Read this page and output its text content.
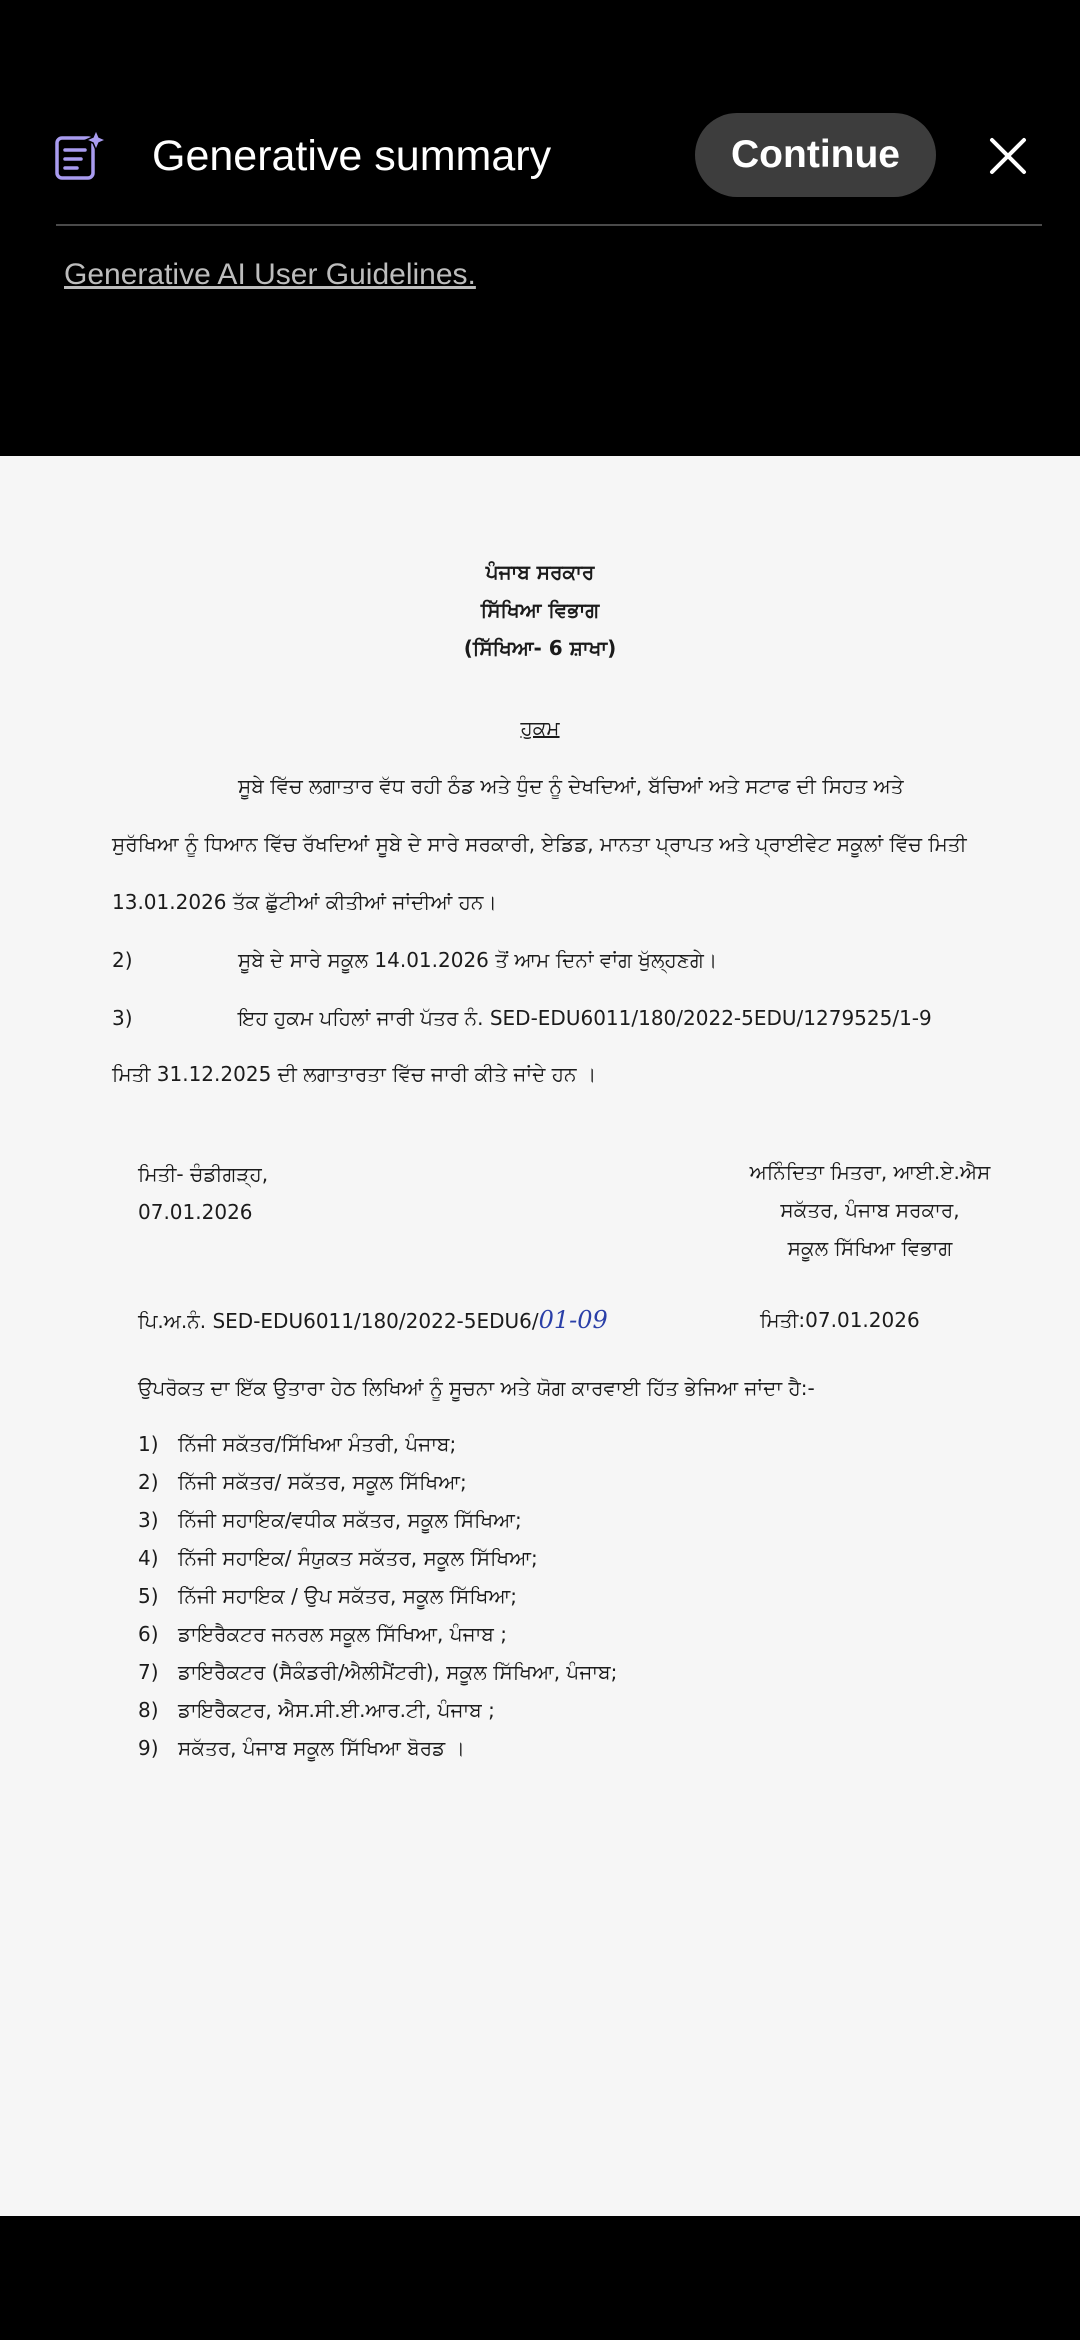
Generative summary	Continue
Generative AI User Guidelines.
ਪੰਜਾਬ ਸਰਕਾਰ
ਸਿੱਖਿਆ ਵਿਭਾਗ
(ਸਿੱਖਿਆ- 6 ਸ਼ਾਖਾ)
ਹੁਕਮ
ਸੂਬੇ ਵਿੱਚ ਲਗਾਤਾਰ ਵੱਧ ਰਹੀ ਠੰਡ ਅਤੇ ਧੁੰਦ ਨੂੰ ਦੇਖਦਿਆਂ, ਬੱਚਿਆਂ ਅਤੇ ਸਟਾਫ ਦੀ ਸਿਹਤ ਅਤੇ
ਸੁਰੱਖਿਆ ਨੂੰ ਧਿਆਨ ਵਿੱਚ ਰੱਖਦਿਆਂ ਸੂਬੇ ਦੇ ਸਾਰੇ ਸਰਕਾਰੀ, ਏਡਿਡ, ਮਾਨਤਾ ਪ੍ਰਾਪਤ ਅਤੇ ਪ੍ਰਾਈਵੇਟ ਸਕੂਲਾਂ ਵਿੱਚ ਮਿਤੀ
13.01.2026 ਤੱਕ ਛੁੱਟੀਆਂ ਕੀਤੀਆਂ ਜਾਂਦੀਆਂ ਹਨ।
2)	ਸੂਬੇ ਦੇ ਸਾਰੇ ਸਕੂਲ 14.01.2026 ਤੋਂ ਆਮ ਦਿਨਾਂ ਵਾਂਗ ਖੁੱਲ੍ਹਣਗੇ।
3)	ਇਹ ਹੁਕਮ ਪਹਿਲਾਂ ਜਾਰੀ ਪੱਤਰ ਨੰ. SED-EDU6011/180/2022-5EDU/1279525/1-9
ਮਿਤੀ 31.12.2025 ਦੀ ਲਗਾਤਾਰਤਾ ਵਿੱਚ ਜਾਰੀ ਕੀਤੇ ਜਾਂਦੇ ਹਨ ।
ਮਿਤੀ- ਚੰਡੀਗੜ੍ਹ,
07.01.2026
ਅਨਿੰਦਿਤਾ ਮਿਤਰਾ, ਆਈ.ਏ.ਐਸ
ਸਕੱਤਰ, ਪੰਜਾਬ ਸਰਕਾਰ,
ਸਕੂਲ ਸਿੱਖਿਆ ਵਿਭਾਗ
ਪਿ.ਅ.ਨੰ. SED-EDU6011/180/2022-5EDU6/01-09	ਮਿਤੀ:07.01.2026
ਉਪਰੋਕਤ ਦਾ ਇੱਕ ਉਤਾਰਾ ਹੇਠ ਲਿਖਿਆਂ ਨੂੰ ਸੂਚਨਾ ਅਤੇ ਯੋਗ ਕਾਰਵਾਈ ਹਿੱਤ ਭੇਜਿਆ ਜਾਂਦਾ ਹੈ:-
1) ਨਿੱਜੀ ਸਕੱਤਰ/ਸਿੱਖਿਆ ਮੰਤਰੀ, ਪੰਜਾਬ;
2) ਨਿੱਜੀ ਸਕੱਤਰ/ ਸਕੱਤਰ, ਸਕੂਲ ਸਿੱਖਿਆ;
3) ਨਿੱਜੀ ਸਹਾਇਕ/ਵਧੀਕ ਸਕੱਤਰ, ਸਕੂਲ ਸਿੱਖਿਆ;
4) ਨਿੱਜੀ ਸਹਾਇਕ/ ਸੰਯੁਕਤ ਸਕੱਤਰ, ਸਕੂਲ ਸਿੱਖਿਆ;
5) ਨਿੱਜੀ ਸਹਾਇਕ / ਉਪ ਸਕੱਤਰ, ਸਕੂਲ ਸਿੱਖਿਆ;
6) ਡਾਇਰੈਕਟਰ ਜਨਰਲ ਸਕੂਲ ਸਿੱਖਿਆ, ਪੰਜਾਬ ;
7) ਡਾਇਰੈਕਟਰ (ਸੈਕੰਡਰੀ/ਐਲੀਮੈਂਟਰੀ), ਸਕੂਲ ਸਿੱਖਿਆ, ਪੰਜਾਬ;
8) ਡਾਇਰੈਕਟਰ, ਐਸ.ਸੀ.ਈ.ਆਰ.ਟੀ, ਪੰਜਾਬ ;
9) ਸਕੱਤਰ, ਪੰਜਾਬ ਸਕੂਲ ਸਿੱਖਿਆ ਬੋਰਡ ।
